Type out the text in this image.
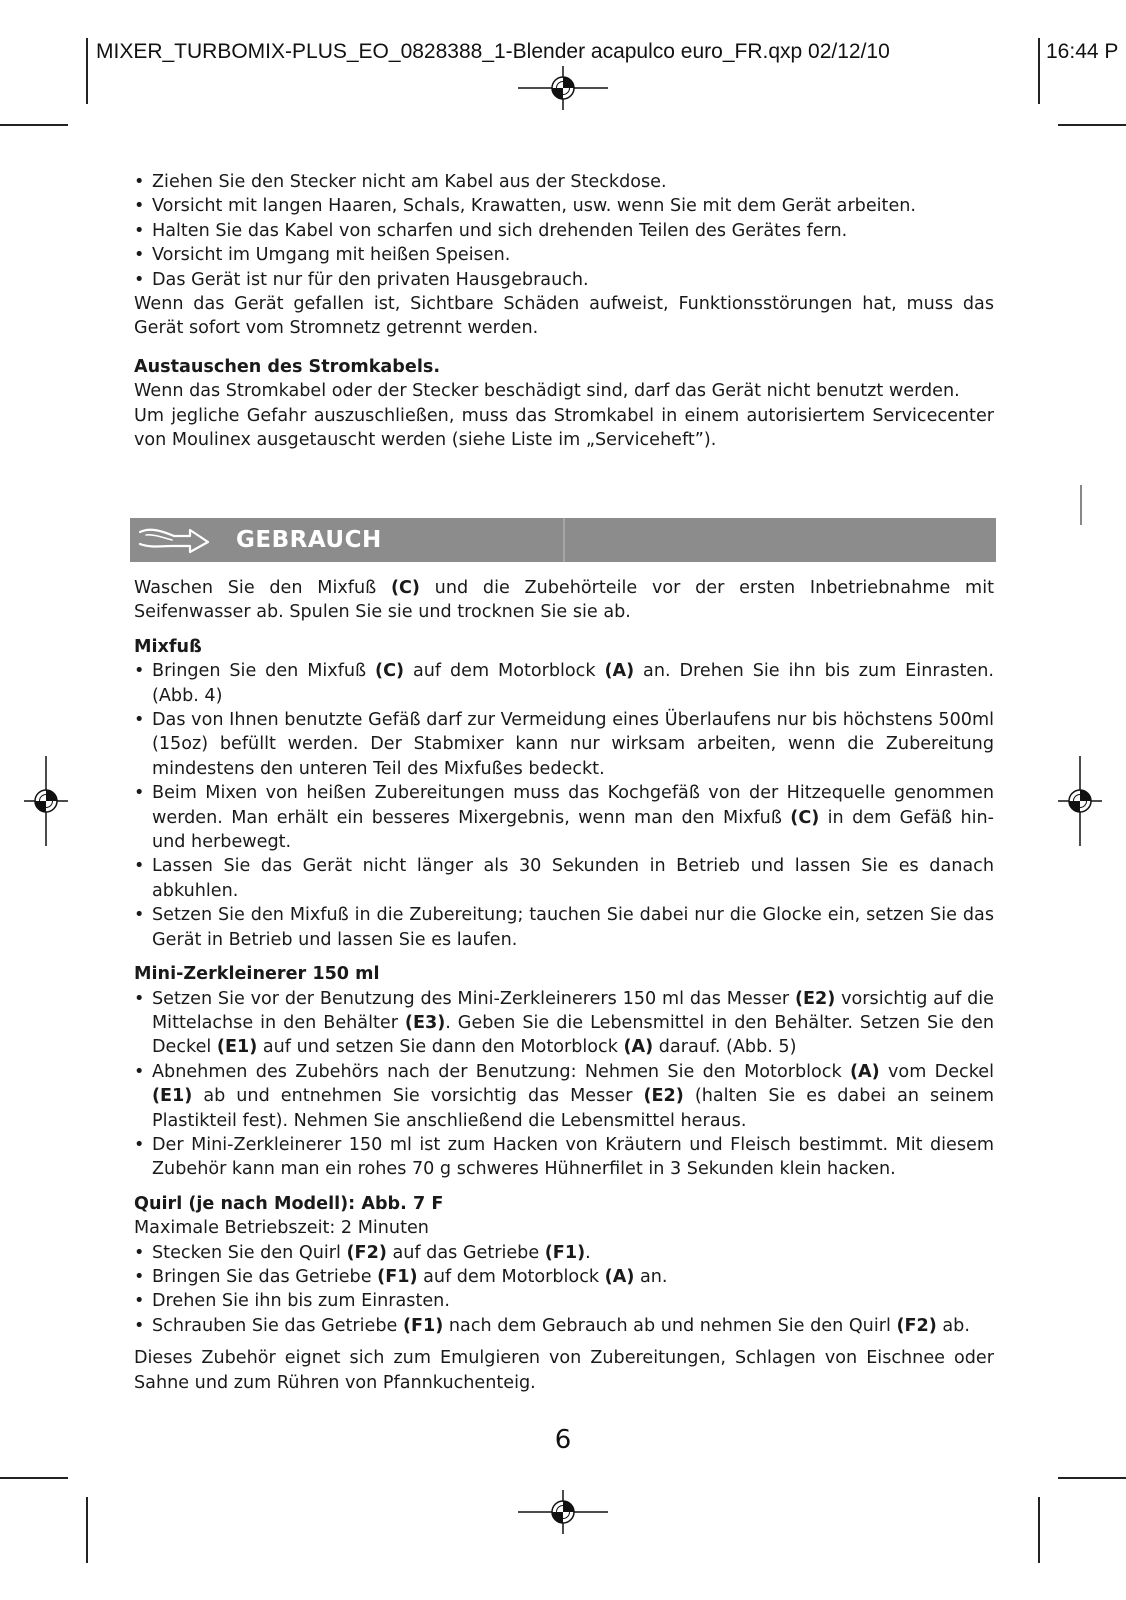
MIXER_TURBOMIX-PLUS_EO_0828388_1-Blender acapulco euro_FR.qxp 02/12/10	16:44 P

• Ziehen Sie den Stecker nicht am Kabel aus der Steckdose.

• Vorsicht mit langen Haaren, Schals, Krawatten, usw. wenn Sie mit dem Gerät arbeiten.

• Halten Sie das Kabel von scharfen und sich drehenden Teilen des Gerätes fern.

• Vorsicht im Umgang mit heißen Speisen.

• Das Gerät ist nur für den privaten Hausgebrauch.

Wenn das Gerät gefallen ist, Sichtbare Schäden aufweist, Funktionsstörungen hat, muss das Gerät sofort vom Stromnetz getrennt werden.

Austauschen des Stromkabels.

Wenn das Stromkabel oder der Stecker beschädigt sind, darf das Gerät nicht benutzt werden.

Um jegliche Gefahr auszuschließen, muss das Stromkabel in einem autorisiertem Servicecenter von Moulinex ausgetauscht werden (siehe Liste im „Serviceheft”).

GEBRAUCH

Waschen Sie den Mixfuß (C) und die Zubehörteile vor der ersten Inbetriebnahme mit Seifenwasser ab. Spulen Sie sie und trocknen Sie sie ab.

Mixfuß

• Bringen Sie den Mixfuß (C) auf dem Motorblock (A) an. Drehen Sie ihn bis zum Einrasten. (Abb. 4)

• Das von Ihnen benutzte Gefäß darf zur Vermeidung eines Überlaufens nur bis höchstens 500ml (15oz) befüllt werden. Der Stabmixer kann nur wirksam arbeiten, wenn die Zubereitung mindestens den unteren Teil des Mixfußes bedeckt.

• Beim Mixen von heißen Zubereitungen muss das Kochgefäß von der Hitzequelle genommen werden. Man erhält ein besseres Mixergebnis, wenn man den Mixfuß (C) in dem Gefäß hin- und herbewegt.

• Lassen Sie das Gerät nicht länger als 30 Sekunden in Betrieb und lassen Sie es danach abkuhlen.

• Setzen Sie den Mixfuß in die Zubereitung; tauchen Sie dabei nur die Glocke ein, setzen Sie das Gerät in Betrieb und lassen Sie es laufen.

Mini-Zerkleinerer 150 ml

• Setzen Sie vor der Benutzung des Mini-Zerkleinerers 150 ml das Messer (E2) vorsichtig auf die Mittelachse in den Behälter (E3). Geben Sie die Lebensmittel in den Behälter. Setzen Sie den Deckel (E1) auf und setzen Sie dann den Motorblock (A) darauf. (Abb. 5)

• Abnehmen des Zubehörs nach der Benutzung: Nehmen Sie den Motorblock (A) vom Deckel (E1) ab und entnehmen Sie vorsichtig das Messer (E2) (halten Sie es dabei an seinem Plastikteil fest). Nehmen Sie anschließend die Lebensmittel heraus.

• Der Mini-Zerkleinerer 150 ml ist zum Hacken von Kräutern und Fleisch bestimmt. Mit diesem Zubehör kann man ein rohes 70 g schweres Hühnerfilet in 3 Sekunden klein hacken.

Quirl (je nach Modell): Abb. 7 F

Maximale Betriebszeit: 2 Minuten

• Stecken Sie den Quirl (F2) auf das Getriebe (F1).

• Bringen Sie das Getriebe (F1) auf dem Motorblock (A) an.

• Drehen Sie ihn bis zum Einrasten.

• Schrauben Sie das Getriebe (F1) nach dem Gebrauch ab und nehmen Sie den Quirl (F2) ab.

Dieses Zubehör eignet sich zum Emulgieren von Zubereitungen, Schlagen von Eischnee oder Sahne und zum Rühren von Pfannkuchenteig.

6
